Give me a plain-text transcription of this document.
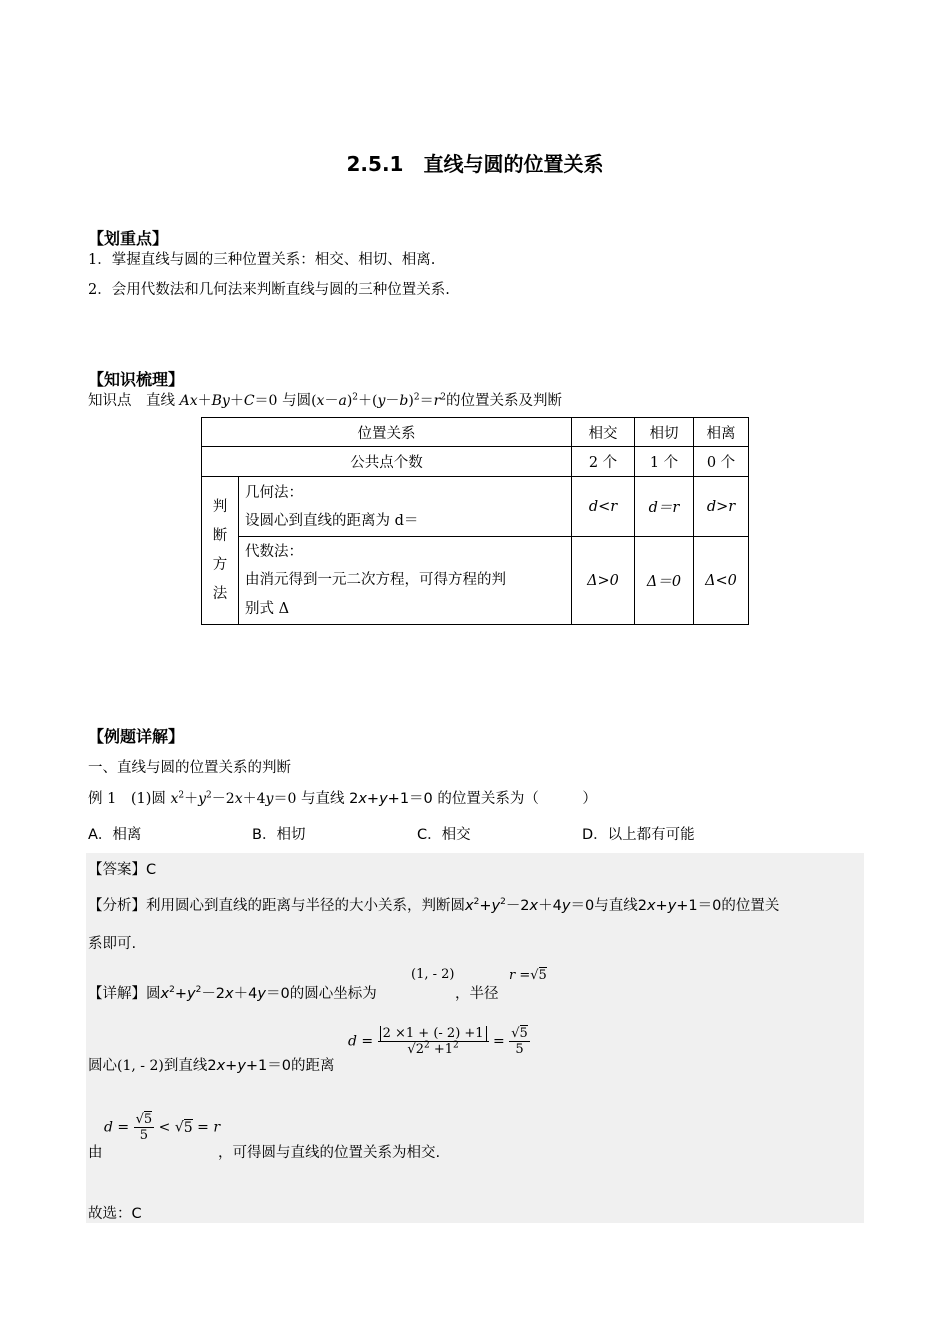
2.5.1　直线与圆的位置关系
【划重点】
1．掌握直线与圆的三种位置关系：相交、相切、相离.
2．会用代数法和几何法来判断直线与圆的三种位置关系.
【知识梳理】
知识点　直线 Ax＋By＋C＝0 与圆$(x-a)^2+(y-b)^2=r^2$的位置关系及判断
位置关系		相交	相切	相离
公共点个数		2 个	1 个	0 个
判断方法	几何法：
设圆心到直线的距离为 d＝	d<r	d＝r	d>r

	代数法：
由消元得到一元二次方程，可得方程的判
别式 Δ	Δ>0	Δ＝0	Δ<0
【例题详解】
一、直线与圆的位置关系的判断
例 1　(1)圆 $x^2+y^2-2x+4y=0$ 与直线 2x+y+1＝0 的位置关系为（　　　）
A．相离	B．相切	C．相交	D．以上都有可能
【答案】C
【分析】利用圆心到直线的距离与半径的大小关系，判断圆$x^2+y^2-2x+4y=0$与直线2x+y+1＝0的位置关
系即可.
【详解】圆$x^2+y^2-2x+4y=0$的圆心坐标为
(1, - 2)
，半径
r =√5
圆心(1, - 2)到直线2x+y+1＝0的距离
$d = \frac{2 \times 1 + (- 2) +1}{√2^2 +1^2} = \frac{√5}{5}$
由
$d = \frac{√5}{5} < √5 = r$
，可得圆与直线的位置关系为相交.
故选：C
